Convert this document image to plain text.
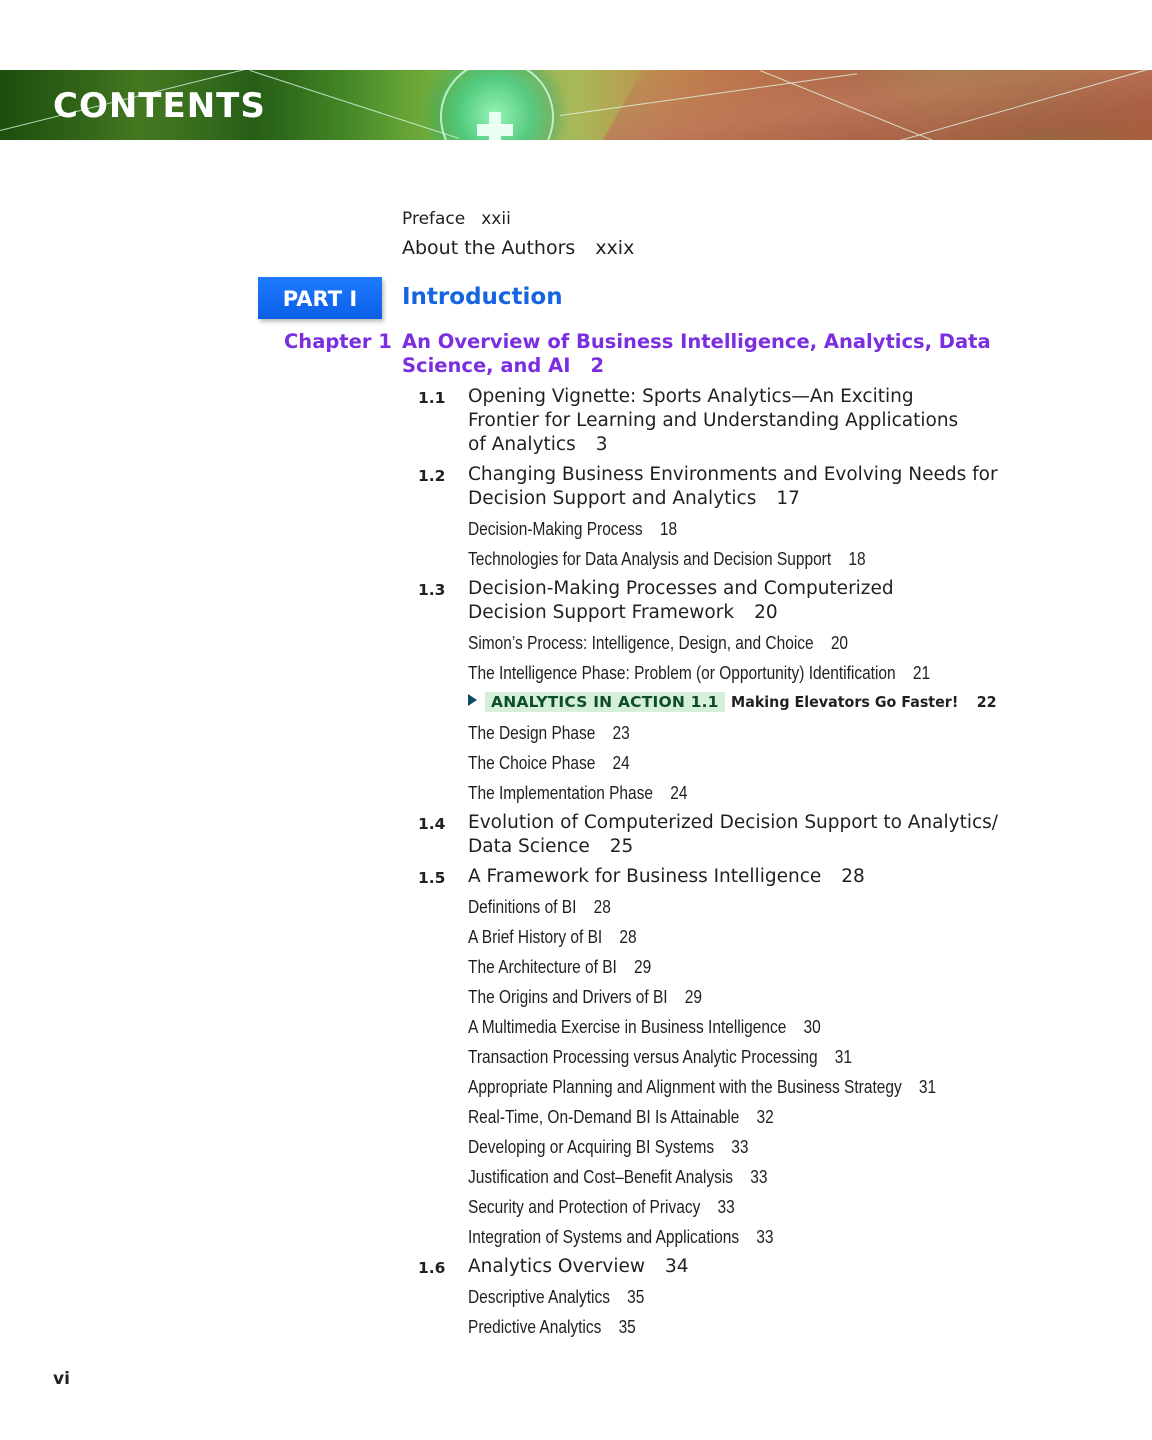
CONTENTS
Preface xxii
About the Authors xxix
PART I	Introduction
Chapter 1 An Overview of Business Intelligence, Analytics, Data Science, and AI 2
1.1 Opening Vignette: Sports Analytics—An Exciting Frontier for Learning and Understanding Applications of Analytics 3
1.2 Changing Business Environments and Evolving Needs for Decision Support and Analytics 17
Decision-Making Process 18
Technologies for Data Analysis and Decision Support 18
1.3 Decision-Making Processes and Computerized Decision Support Framework 20
Simon’s Process: Intelligence, Design, and Choice 20
The Intelligence Phase: Problem (or Opportunity) Identification 21
ANALYTICS IN ACTION 1.1 Making Elevators Go Faster! 22
The Design Phase 23
The Choice Phase 24
The Implementation Phase 24
1.4 Evolution of Computerized Decision Support to Analytics/ Data Science 25
1.5 A Framework for Business Intelligence 28
Definitions of BI 28
A Brief History of BI 28
The Architecture of BI 29
The Origins and Drivers of BI 29
A Multimedia Exercise in Business Intelligence 30
Transaction Processing versus Analytic Processing 31
Appropriate Planning and Alignment with the Business Strategy 31
Real-Time, On-Demand BI Is Attainable 32
Developing or Acquiring BI Systems 33
Justification and Cost–Benefit Analysis 33
Security and Protection of Privacy 33
Integration of Systems and Applications 33
1.6 Analytics Overview 34
Descriptive Analytics 35
Predictive Analytics 35
vi
